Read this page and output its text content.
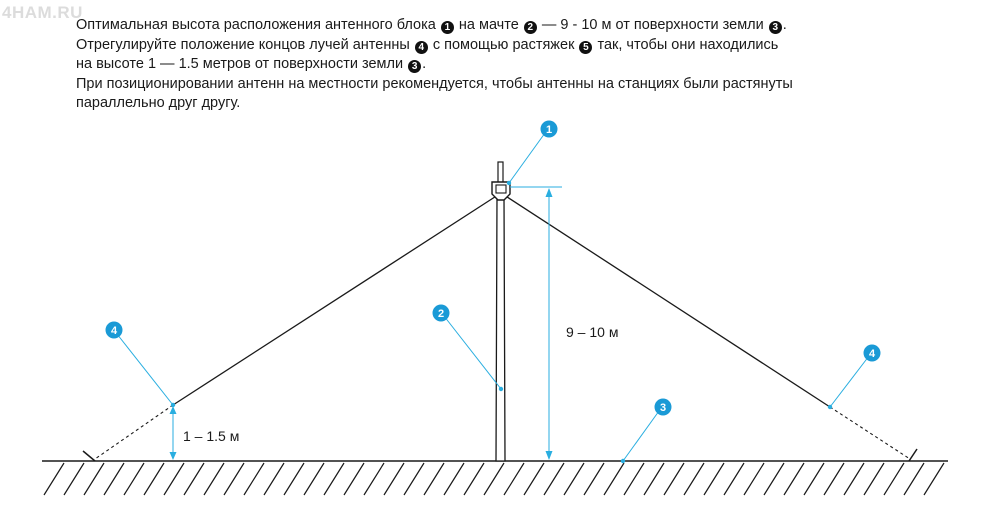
4HAM.RU

Оптимальная высота расположения антенного блока 1 на мачте 2 — 9 - 10 м от поверхности земли 3 .

Отрегулируйте положение концов лучей антенны 4 с помощью растяжек 5 так, чтобы они находились

на высоте 1 — 1.5 метров от поверхности земли 3 .

При позиционировании антенн на местности рекомендуется, чтобы антенны на станциях были растянуты

параллельно друг другу.

9 – 10 м
1 – 1.5 м
1
2
3
4
4
